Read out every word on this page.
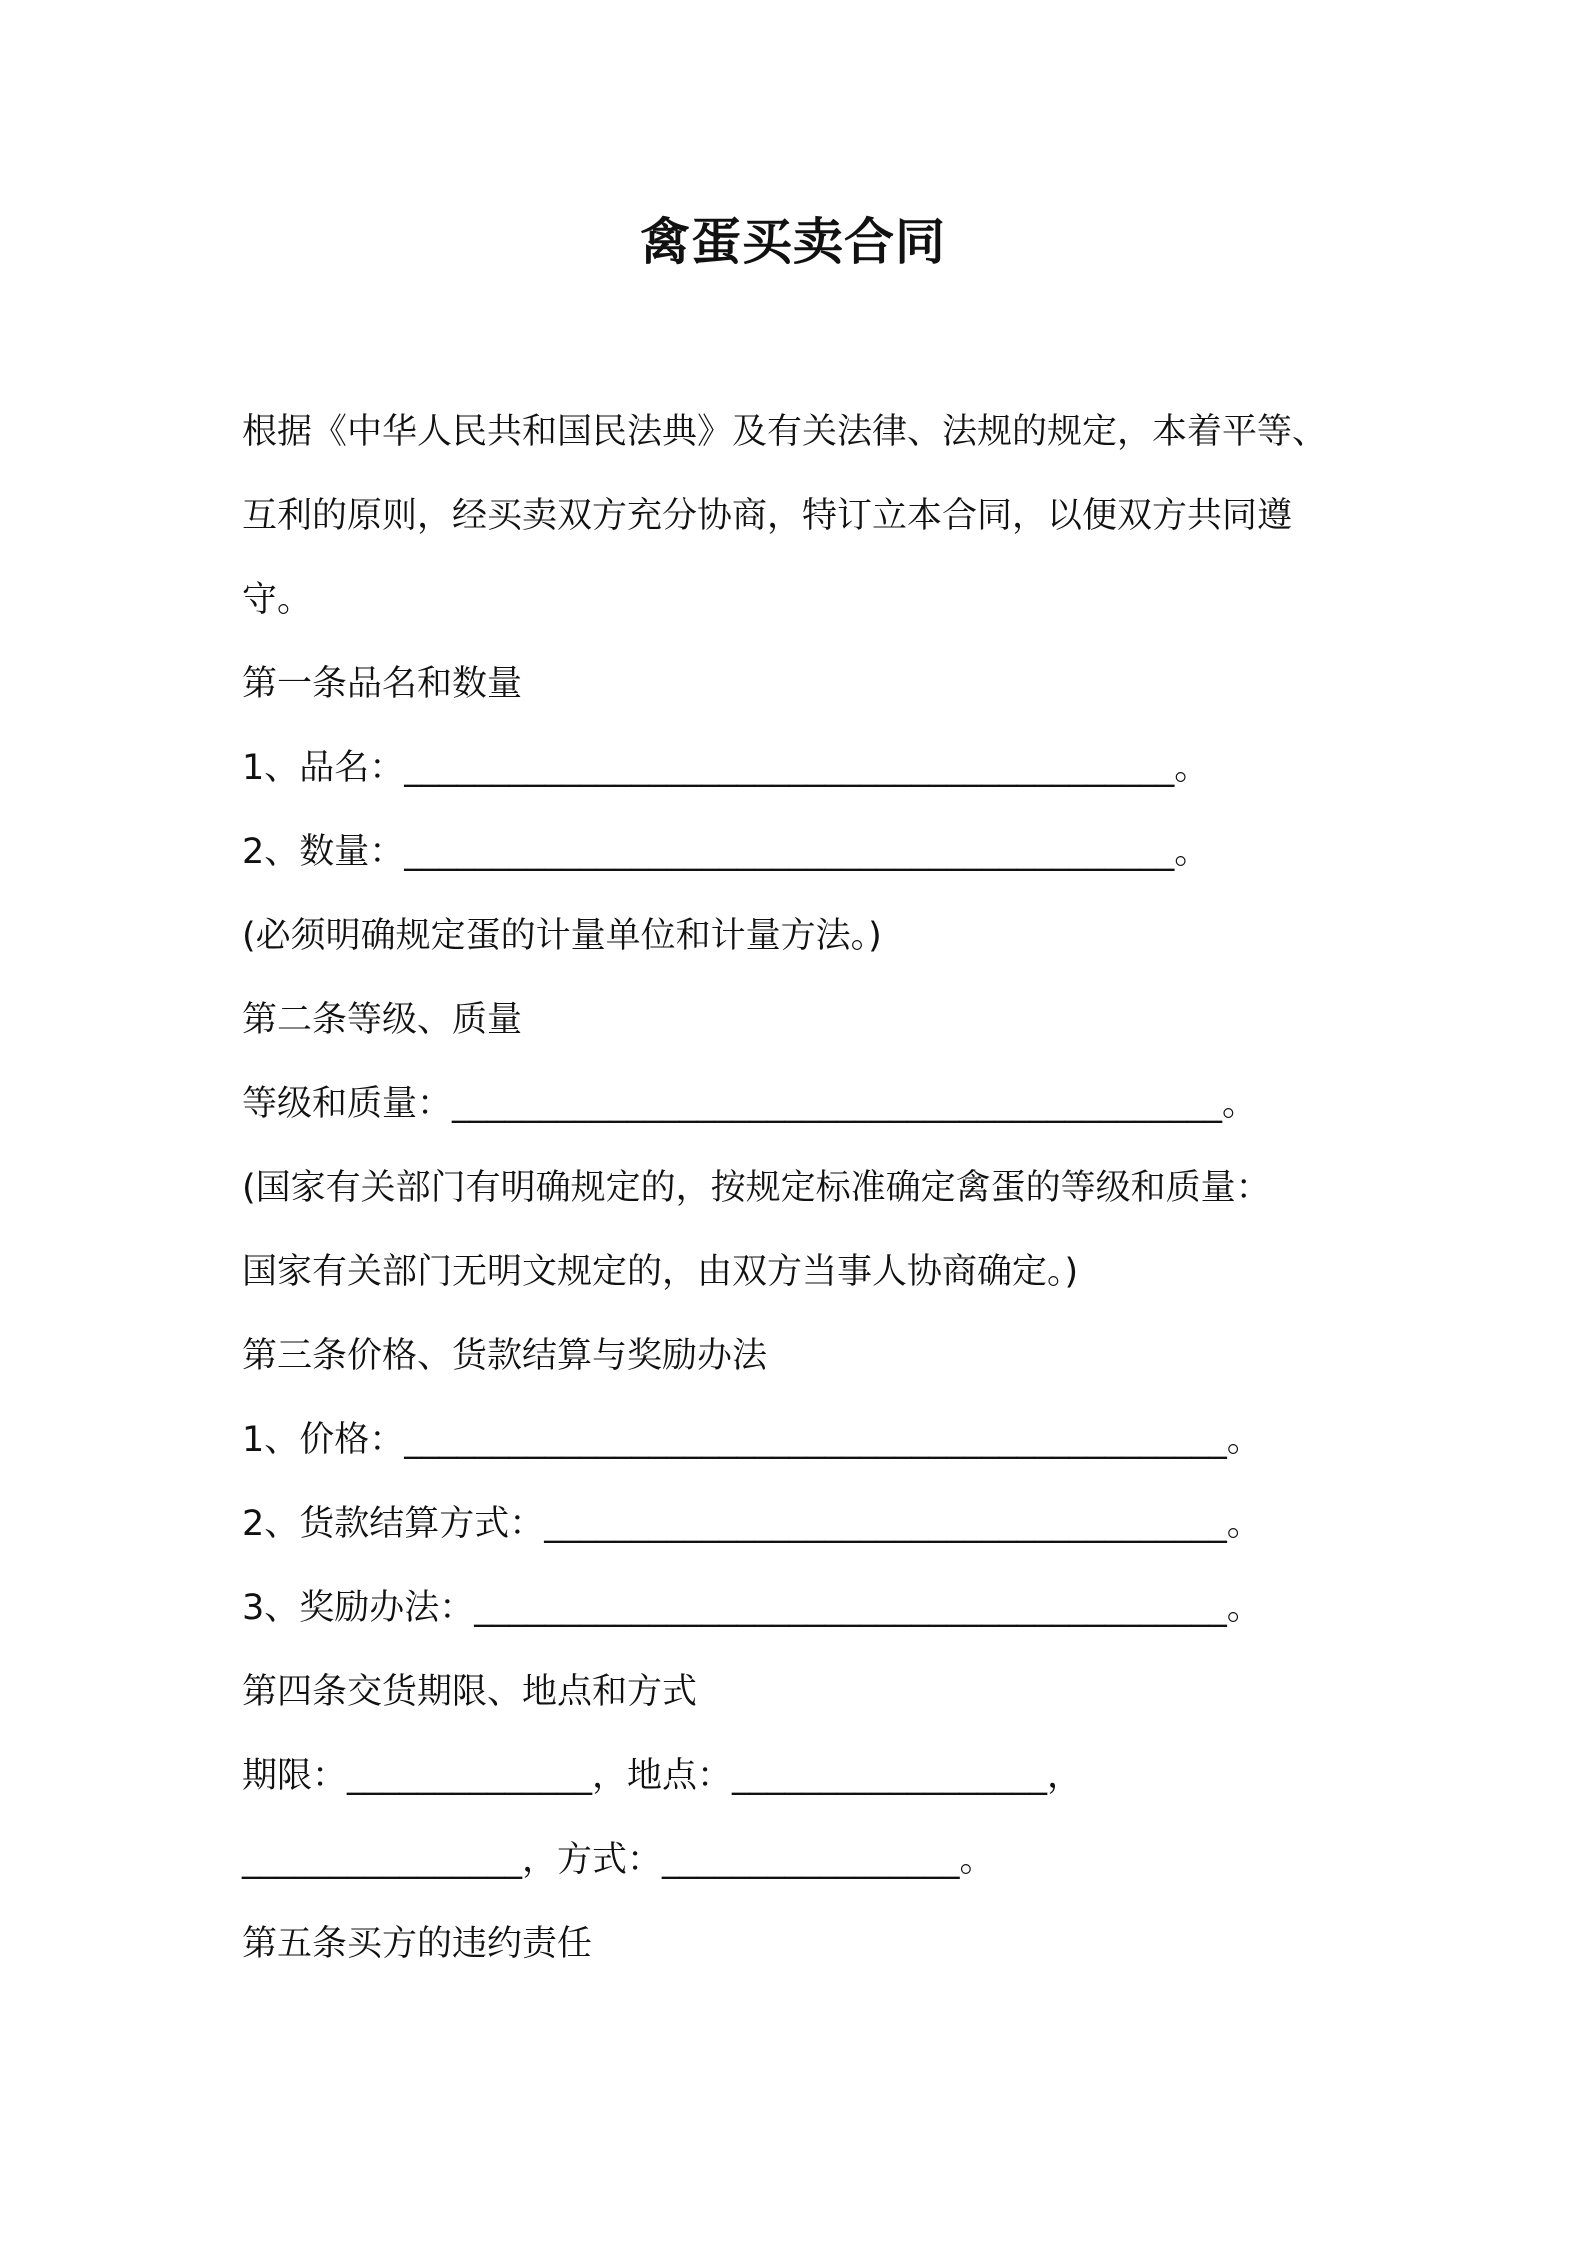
禽蛋买卖合同

根据《中华人民共和国民法典》及有关法律、法规的规定，本着平等、

互利的原则，经买卖双方充分协商，特订立本合同，以便双方共同遵

守。

第一条品名和数量

1、品名：____________________________________________。

2、数量：____________________________________________。

(必须明确规定蛋的计量单位和计量方法。)

第二条等级、质量

等级和质量：____________________________________________。

(国家有关部门有明确规定的，按规定标准确定禽蛋的等级和质量：

国家有关部门无明文规定的，由双方当事人协商确定。)

第三条价格、货款结算与奖励办法

1、价格：_______________________________________________。

2、货款结算方式：_______________________________________。

3、奖励办法：___________________________________________。

第四条交货期限、地点和方式

期限：______________，地点：__________________，

________________，方式：_________________。

第五条买方的违约责任
